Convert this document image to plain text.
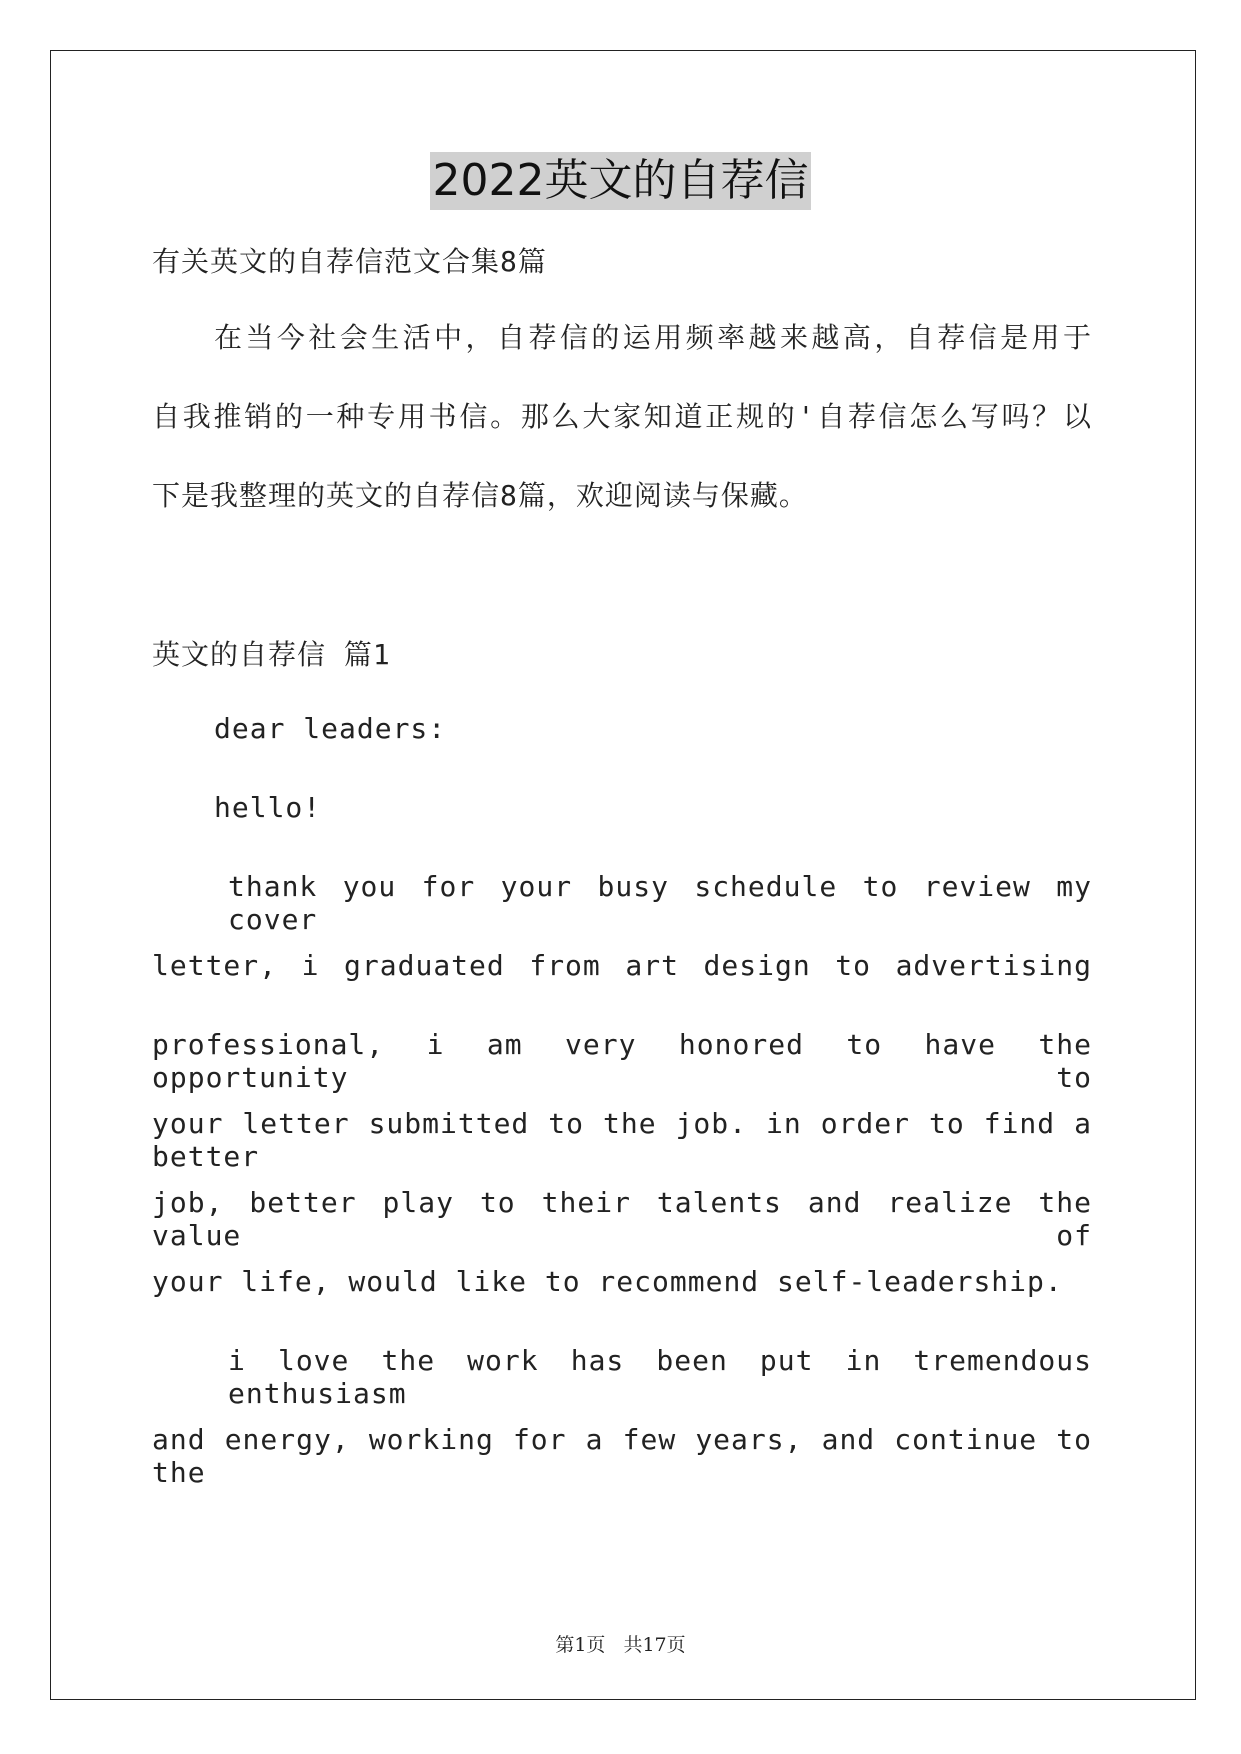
2022英文的自荐信
有关英文的自荐信范文合集8篇
在当今社会生活中，自荐信的运用频率越来越高，自荐信是用于
自我推销的一种专用书信。那么大家知道正规的'自荐信怎么写吗？以
下是我整理的英文的自荐信8篇，欢迎阅读与保藏。
英文的自荐信 篇1
dear leaders:
hello!
thank you for your busy schedule to review my cover
letter, i graduated from art design to advertising
professional, i am very honored to have the opportunity to
your letter submitted to the job. in order to find a better
job, better play to their talents and realize the value of
your life, would like to recommend self-leadership.
i love the work has been put in tremendous enthusiasm
and energy, working for a few years, and continue to the
第1页 共17页
